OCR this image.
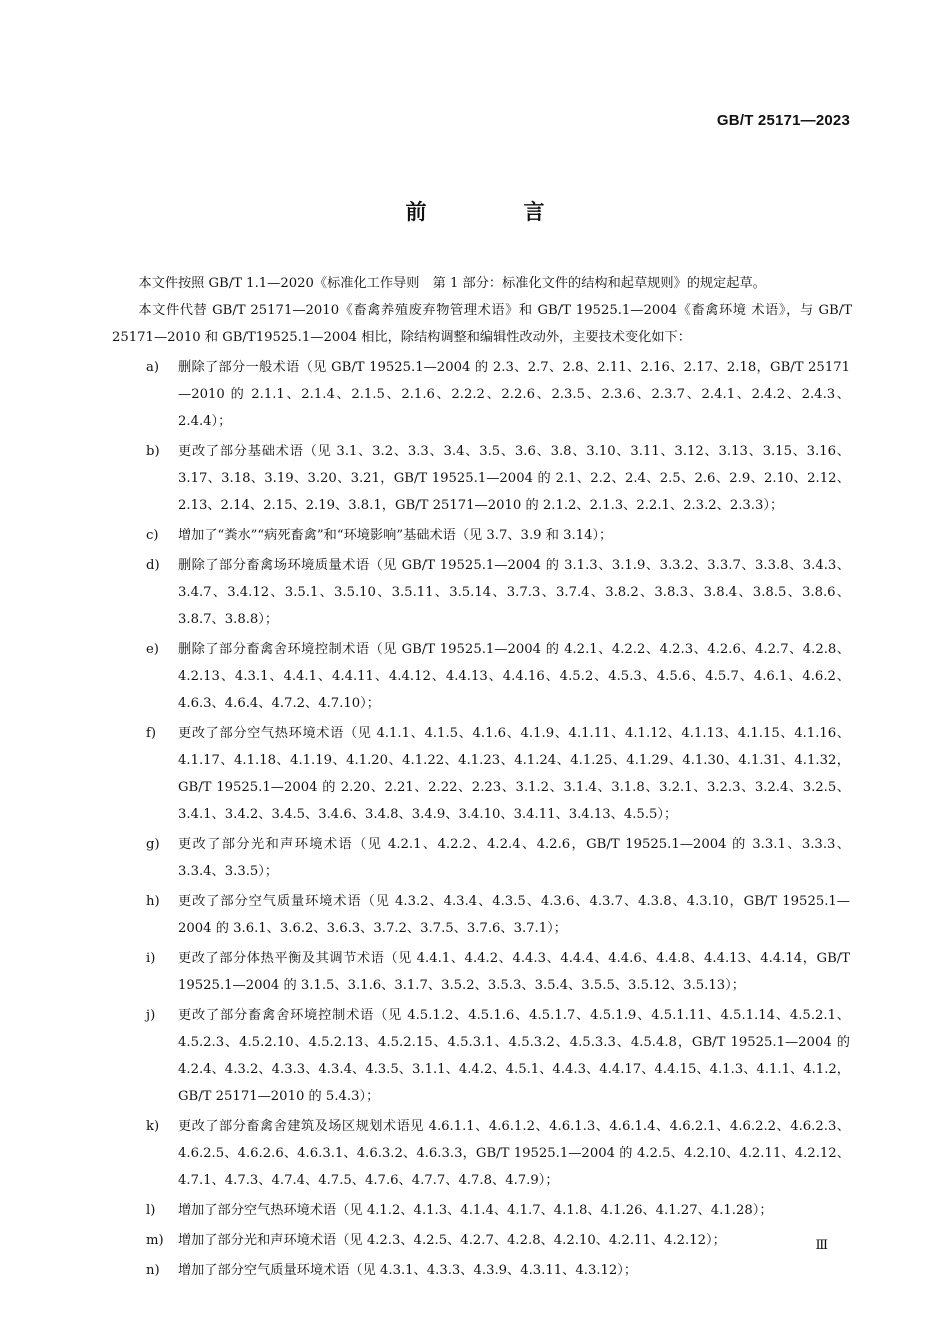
GB/T 25171—2023
前　言

本文件按照 GB/T 1.1—2020《标准化工作导则　第 1 部分：标准化文件的结构和起草规则》的规定起草。

本文件代替 GB/T 25171—2010《畜禽养殖废弃物管理术语》和 GB/T 19525.1—2004《畜禽环境 术语》，与 GB/T 25171—2010 和 GB/T19525.1—2004 相比，除结构调整和编辑性改动外，主要技术变化如下：

a) 删除了部分一般术语（见 GB/T 19525.1—2004 的 2.3、2.7、2.8、2.11、2.16、2.17、2.18，GB/T 25171—2010 的 2.1.1、2.1.4、2.1.5、2.1.6、2.2.2、2.2.6、2.3.5、2.3.6、2.3.7、2.4.1、2.4.2、2.4.3、2.4.4）；
b) 更改了部分基础术语（见 3.1、3.2、3.3、3.4、3.5、3.6、3.8、3.10、3.11、3.12、3.13、3.15、3.16、3.17、3.18、3.19、3.20、3.21，GB/T 19525.1—2004 的 2.1、2.2、2.4、2.5、2.6、2.9、2.10、2.12、2.13、2.14、2.15、2.19、3.8.1，GB/T 25171—2010 的 2.1.2、2.1.3、2.2.1、2.3.2、2.3.3）；
c) 增加了“粪水”“病死畜禽”和“环境影响”基础术语（见 3.7、3.9 和 3.14）；
d) 删除了部分畜禽场环境质量术语（见 GB/T 19525.1—2004 的 3.1.3、3.1.9、3.3.2、3.3.7、3.3.8、3.4.3、3.4.7、3.4.12、3.5.1、3.5.10、3.5.11、3.5.14、3.7.3、3.7.4、3.8.2、3.8.3、3.8.4、3.8.5、3.8.6、3.8.7、3.8.8）；
e) 删除了部分畜禽舍环境控制术语（见 GB/T 19525.1—2004 的 4.2.1、4.2.2、4.2.3、4.2.6、4.2.7、4.2.8、4.2.13、4.3.1、4.4.1、4.4.11、4.4.12、4.4.13、4.4.16、4.5.2、4.5.3、4.5.6、4.5.7、4.6.1、4.6.2、4.6.3、4.6.4、4.7.2、4.7.10）；
f) 更改了部分空气热环境术语（见 4.1.1、4.1.5、4.1.6、4.1.9、4.1.11、4.1.12、4.1.13、4.1.15、4.1.16、4.1.17、4.1.18、4.1.19、4.1.20、4.1.22、4.1.23、4.1.24、4.1.25、4.1.29、4.1.30、4.1.31、4.1.32，GB/T 19525.1—2004 的 2.20、2.21、2.22、2.23、3.1.2、3.1.4、3.1.8、3.2.1、3.2.3、3.2.4、3.2.5、3.4.1、3.4.2、3.4.5、3.4.6、3.4.8、3.4.9、3.4.10、3.4.11、3.4.13、4.5.5）；
g) 更改了部分光和声环境术语（见 4.2.1、4.2.2、4.2.4、4.2.6，GB/T 19525.1—2004 的 3.3.1、3.3.3、3.3.4、3.3.5）；
h) 更改了部分空气质量环境术语（见 4.3.2、4.3.4、4.3.5、4.3.6、4.3.7、4.3.8、4.3.10，GB/T 19525.1—2004 的 3.6.1、3.6.2、3.6.3、3.7.2、3.7.5、3.7.6、3.7.1）；
i) 更改了部分体热平衡及其调节术语（见 4.4.1、4.4.2、4.4.3、4.4.4、4.4.6、4.4.8、4.4.13、4.4.14，GB/T 19525.1—2004 的 3.1.5、3.1.6、3.1.7、3.5.2、3.5.3、3.5.4、3.5.5、3.5.12、3.5.13）；
j) 更改了部分畜禽舍环境控制术语（见 4.5.1.2、4.5.1.6、4.5.1.7、4.5.1.9、4.5.1.11、4.5.1.14、4.5.2.1、4.5.2.3、4.5.2.10、4.5.2.13、4.5.2.15、4.5.3.1、4.5.3.2、4.5.3.3、4.5.4.8，GB/T 19525.1—2004 的 4.2.4、4.3.2、4.3.3、4.3.4、4.3.5、3.1.1、4.4.2、4.5.1、4.4.3、4.4.17、4.4.15、4.1.3、4.1.1、4.1.2，GB/T 25171—2010 的 5.4.3）；
k) 更改了部分畜禽舍建筑及场区规划术语见 4.6.1.1、4.6.1.2、4.6.1.3、4.6.1.4、4.6.2.1、4.6.2.2、4.6.2.3、4.6.2.5、4.6.2.6、4.6.3.1、4.6.3.2、4.6.3.3，GB/T 19525.1—2004 的 4.2.5、4.2.10、4.2.11、4.2.12、4.7.1、4.7.3、4.7.4、4.7.5、4.7.6、4.7.7、4.7.8、4.7.9）；
l) 增加了部分空气热环境术语（见 4.1.2、4.1.3、4.1.4、4.1.7、4.1.8、4.1.26、4.1.27、4.1.28）；
m) 增加了部分光和声环境术语（见 4.2.3、4.2.5、4.2.7、4.2.8、4.2.10、4.2.11、4.2.12）；
n) 增加了部分空气质量环境术语（见 4.3.1、4.3.3、4.3.9、4.3.11、4.3.12）；
Ⅲ
